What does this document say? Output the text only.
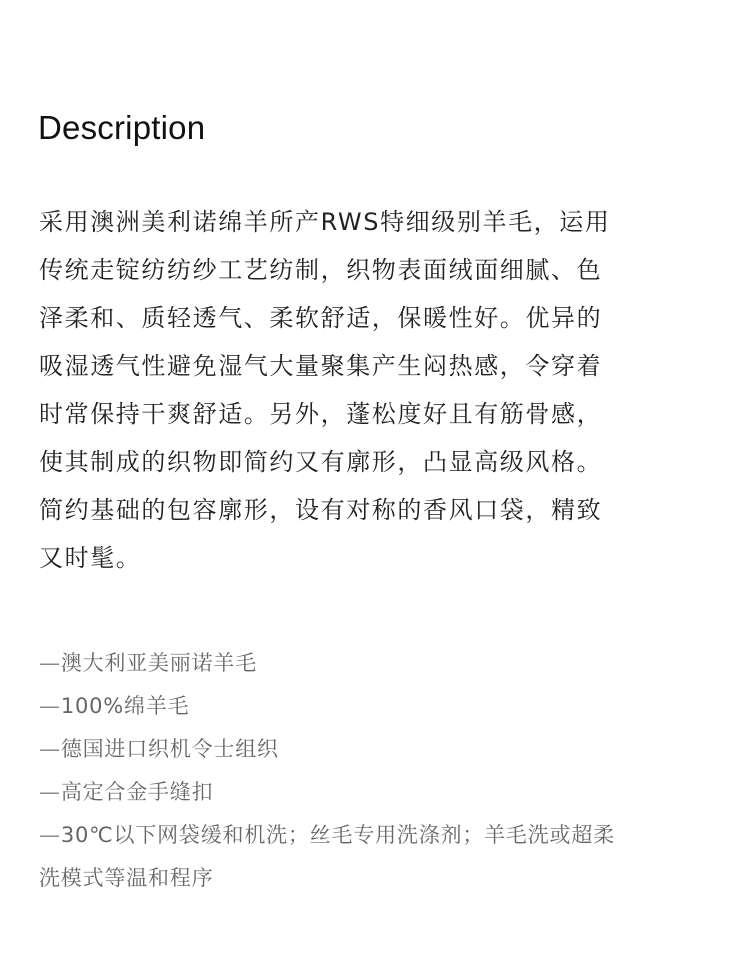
Description

采用澳洲美利诺绵羊所产RWS特细级别羊毛，运用
传统走锭纺纺纱工艺纺制，织物表面绒面细腻、色
泽柔和、质轻透气、柔软舒适，保暖性好。优异的
吸湿透气性避免湿气大量聚集产生闷热感，令穿着
时常保持干爽舒适。另外，蓬松度好且有筋骨感，
使其制成的织物即简约又有廓形，凸显高级风格。
简约基础的包容廓形，设有对称的香风口袋，精致
又时髦。

—澳大利亚美丽诺羊毛
—100%绵羊毛
—德国进口织机令士组织
—高定合金手缝扣
—30℃以下网袋缓和机洗；丝毛专用洗涤剂；羊毛洗或超柔
洗模式等温和程序
